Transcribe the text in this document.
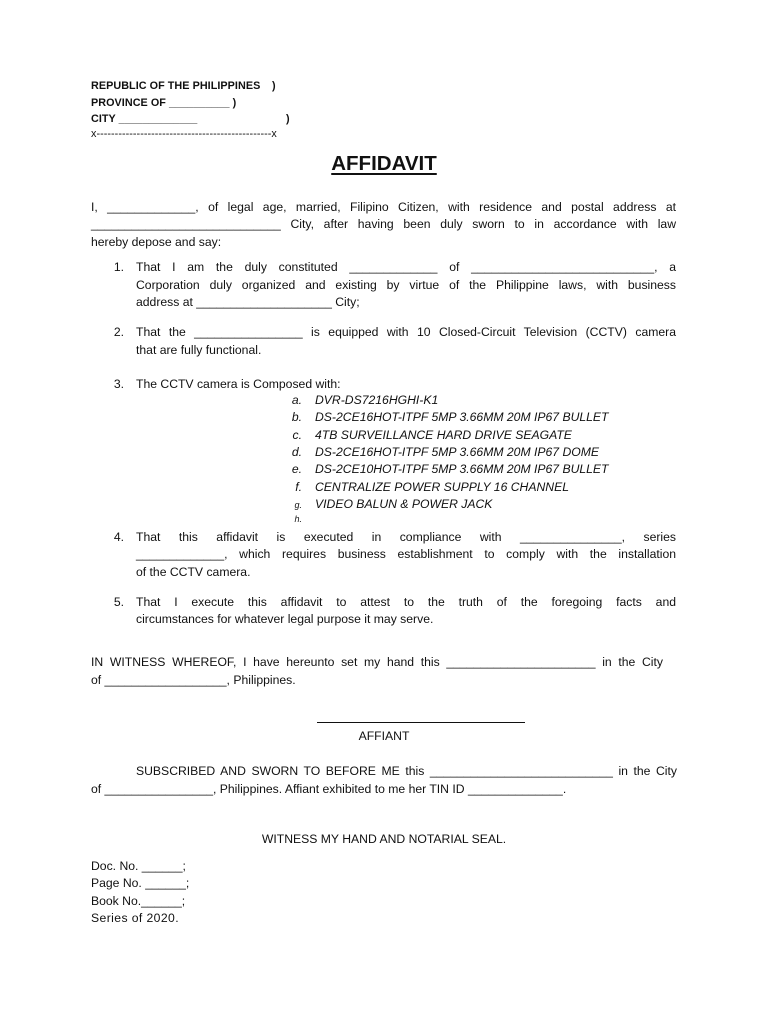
REPUBLIC OF THE PHILIPPINES )
PROVINCE OF __________ )
CITY _____________	)
x------------------------------------------------x
AFFIDAVIT
I, _____________, of legal age, married, Filipino Citizen, with residence and postal address at
____________________________ City, after having been duly sworn to in accordance with law
hereby depose and say:
1. That I am the duly constituted _____________ of ___________________________, a
Corporation duly organized and existing by virtue of the Philippine laws, with business
address at ____________________ City;
2. That the ________________ is equipped with 10 Closed-Circuit Television (CCTV) camera
that are fully functional.
3. The CCTV camera is Composed with:
a. DVR-DS7216HGHI-K1
b. DS-2CE16HOT-ITPF 5MP 3.66MM 20M IP67 BULLET
c. 4TB SURVEILLANCE HARD DRIVE SEAGATE
d. DS-2CE16HOT-ITPF 5MP 3.66MM 20M IP67 DOME
e. DS-2CE10HOT-ITPF 5MP 3.66MM 20M IP67 BULLET
f. CENTRALIZE POWER SUPPLY 16 CHANNEL
g. VIDEO BALUN & POWER JACK
h.
4. That this affidavit is executed in compliance with _______________, series
_____________, which requires business establishment to comply with the installation
of the CCTV camera.
5. That I execute this affidavit to attest to the truth of the foregoing facts and
circumstances for whatever legal purpose it may serve.
IN WITNESS WHEREOF, I have hereunto set my hand this ______________________ in the City
of __________________, Philippines.
AFFIANT
SUBSCRIBED AND SWORN TO BEFORE ME this ___________________________ in the City
of ________________, Philippines. Affiant exhibited to me her TIN ID ______________.
WITNESS MY HAND AND NOTARIAL SEAL.
Doc. No. ______;
Page No. ______;
Book No.______;
Series of 2020.
